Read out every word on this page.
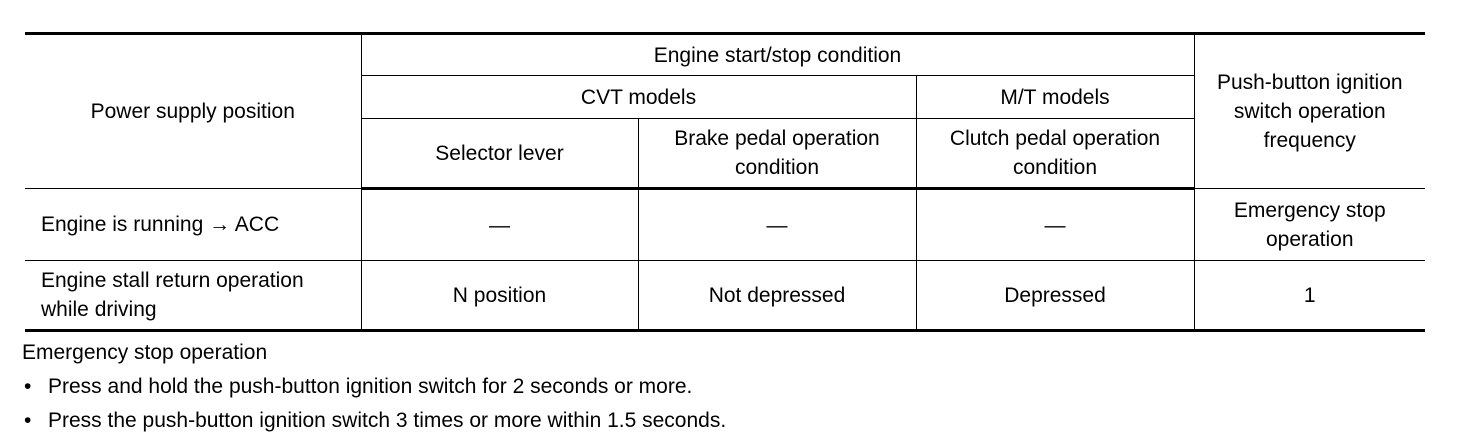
Power supply position	Engine start/stop condition			Push-button ignition switch operation frequency
	CVT models		M/T models	
	Selector lever	Brake pedal operation condition	Clutch pedal operation condition	
Engine is running → ACC	—	—	—	Emergency stop operation
Engine stall return operation while driving	N position	Not depressed	Depressed	1
Emergency stop operation
• Press and hold the push-button ignition switch for 2 seconds or more.
• Press the push-button ignition switch 3 times or more within 1.5 seconds.
